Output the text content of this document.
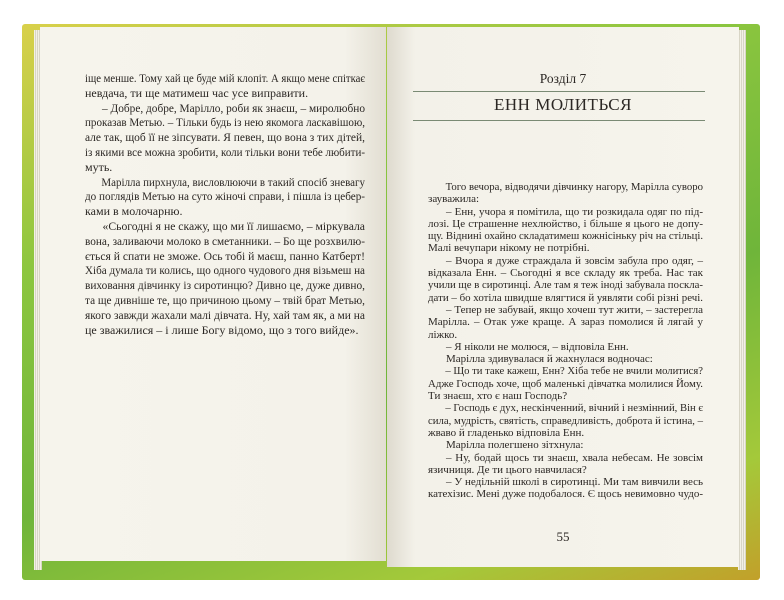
іще менше. Тому хай це буде мій клопіт. А якщо мене спіткає
невдача, ти ще матимеш час усе виправити.
– Добре, добре, Марілло, роби як знаєш, – миролюбно
проказав Метью. – Тільки будь із нею якомога ласкавішою,
але так, щоб її не зіпсувати. Я певен, що вона з тих дітей,
із якими все можна зробити, коли тільки вони тебе любити-
муть.
Марілла пирхнула, висловлюючи в такий спосіб зневагу
до поглядів Метью на суто жіночі справи, і пішла із цебер-
ками в молочарню.
«Сьогодні я не скажу, що ми її лишаємо, – міркувала
вона, заливаючи молоко в сметанники. – Бо ще розхвилю-
ється й спати не зможе. Ось тобі й маєш, панно Катберт!
Хіба думала ти колись, що одного чудового дня візьмеш на
виховання дівчинку із сиротинцю? Дивно це, дуже дивно,
та ще дивніше те, що причиною цьому – твій брат Метью,
якого завжди жахали малі дівчата. Ну, хай там як, а ми на
це зважилися – і лише Богу відомо, що з того вийде».
Розділ 7
ЕНН МОЛИТЬСЯ
Того вечора, відводячи дівчинку нагору, Марілла суворо
зауважила:
– Енн, учора я помітила, що ти розкидала одяг по під-
лозі. Це страшенне нехлюйство, і більше я цього не допу-
щу. Віднині охайно складатимеш кожнісіньку річ на стільці.
Малі вечупари нікому не потрібні.
– Вчора я дуже страждала й зовсім забула про одяг, –
відказала Енн. – Сьогодні я все складу як треба. Нас так
учили ще в сиротинці. Але там я теж іноді забувала поскла-
дати – бо хотіла швидше влягтися й уявляти собі різні речі.
– Тепер не забувай, якщо хочеш тут жити, – застерегла
Марілла. – Отак уже краще. А зараз помолися й лягай у
ліжко.
– Я ніколи не молюся, – відповіла Енн.
Марілла здивувалася й жахнулася водночас:
– Що ти таке кажеш, Енн? Хіба тебе не вчили молитися?
Адже Господь хоче, щоб маленькі дівчатка молилися Йому.
Ти знаєш, хто є наш Господь?
– Господь є дух, нескінченний, вічний і незмінний, Він є
сила, мудрість, святість, справедливість, доброта й істина, –
жваво й гладенько відповіла Енн.
Марілла полегшено зітхнула:
– Ну, бодай щось ти знаєш, хвала небесам. Не зовсім
язичниця. Де ти цього навчилася?
– У недільній школі в сиротинці. Ми там вивчили весь
катехізис. Мені дуже подобалося. Є щось невимовно чудо-
55
